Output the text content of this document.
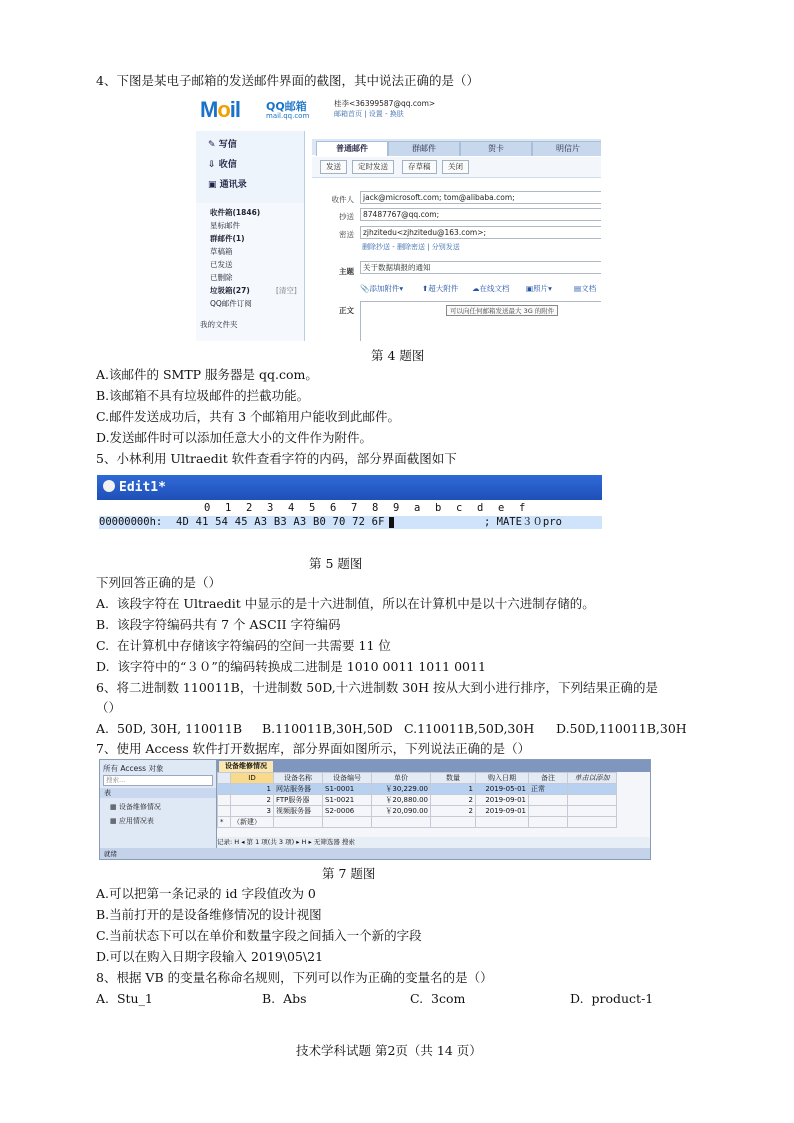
4、下图是某电子邮箱的发送邮件界面的截图，其中说法正确的是（）
Moil QQ邮箱
mail.qq.com
桂李<36399587@qq.com>
邮箱首页 | 设置 - 换肤
✎ 写信
⇩ 收信
▣ 通讯录
收件箱(1846)
星标邮件
群邮件(1)
草稿箱
已发送
已删除
垃圾箱(27)	[清空]
QQ邮件订阅
我的文件夹
普通邮件	群邮件	贺卡	明信片
发送	定时发送	存草稿	关闭
收件人	jack@microsoft.com; tom@alibaba.com;
抄送	87487767@qq.com;
密送	zjhzitedu<zjhzitedu@163.com>;
删除抄送 - 删除密送 | 分别发送
主题	关于数据填报的通知
📎添加附件▾	⬆超大附件 ☁在线文档 ▣照片▾	▤文档
正文	可以向任何邮箱发送最大 3G 的附件
第 4 题图
A.该邮件的 SMTP 服务器是 qq.com。
B.该邮箱不具有垃圾邮件的拦截功能。
C.邮件发送成功后，共有 3 个邮箱用户能收到此邮件。
D.发送邮件时可以添加任意大小的文件作为附件。
5、小林利用 Ultraedit 软件查看字符的内码，部分界面截图如下
Edit1*
0 1 2 3 4 5 6 7 8 9 a b c d e f
00000000h: 4D 41 54 45 A3 B3 A3 B0 70 72 6F	; MATE３０pro
第 5 题图
下列回答正确的是（）
A.  该段字符在 Ultraedit 中显示的是十六进制值，所以在计算机中是以十六进制存储的。
B.  该段字符编码共有 7 个 ASCII 字符编码
C.  在计算机中存储该字符编码的空间一共需要 11 位
D.  该字符中的“３０”的编码转换成二进制是 1010 0011 1011 0011
6、将二进制数 110011B，十进制数 50D,十六进制数 30H 按从大到小进行排序，下列结果正确的是
（）
A.  50D, 30H, 110011B B.110011B,30H,50D C.110011B,50D,30H D.50D,110011B,30H
7、使用 Access 软件打开数据库，部分界面如图所示，下列说法正确的是（）
所有 Access 对象
搜索...
表
▦ 设备维修情况
▦ 应用情况表
设备维修情况
	ID	设备名称	设备编号	单价	数量	购入日期	备注	单击以添加
	1	网站服务器	S1-0001	￥30,229.00	1	2019-05-01	正常	
	2	FTP服务器	S1-0021	￥20,880.00	2	2019-09-01		
	3	视频服务器	S2-0006	￥20,090.00	2	2019-09-01		
*	（新建）							
记录: H ◂ 第 1 项(共 3 项) ▸ H ▸ 无筛选器 搜索
就绪
第 7 题图
A.可以把第一条记录的 id 字段值改为 0
B.当前打开的是设备维修情况的设计视图
C.当前状态下可以在单价和数量字段之间插入一个新的字段
D.可以在购入日期字段输入 2019\05\21
8、根据 VB 的变量名称命名规则，下列可以作为正确的变量名的是（）
A.  Stu_1	B.  Abs	C.  3com	D.  product-1
技术学科试题 第2页（共 14 页）
